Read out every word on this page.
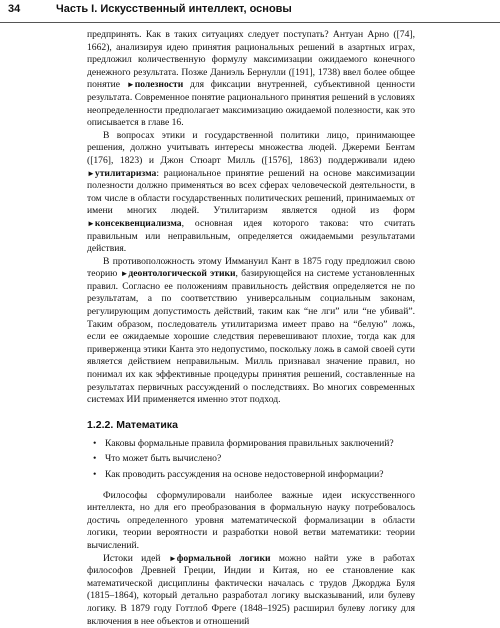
34	Часть I. Искусственный интеллект, основы

предпринять. Как в таких ситуациях следует поступать? Антуан Арно ([74], 1662), анализируя идею принятия рациональных решений в азартных играх, предложил количественную формулу максимизации ожидаемого конечного денежного результата. Позже Даниэль Бернулли ([191], 1738) ввел более общее понятие ►полезности для фиксации внутренней, субъективной ценности результата. Современное понятие рационального принятия решений в условиях неопределенности предполагает максимизацию ожидаемой полезности, как это описывается в главе 16.

В вопросах этики и государственной политики лицо, принимающее решения, должно учитывать интересы множества людей. Джереми Бентам ([176], 1823) и Джон Стюарт Милль ([1576], 1863) поддерживали идею ►утилитаризма: рациональное принятие решений на основе максимизации полезности должно применяться во всех сферах человеческой деятельности, в том числе в области государственных политических решений, принимаемых от имени многих людей. Утилитаризм является одной из форм ►консеквенциализма, основная идея которого такова: что считать правильным или неправильным, определяется ожидаемыми результатами действия.

В противоположность этому Иммануил Кант в 1875 году предложил свою теорию ►деонтологической этики, базирующейся на системе установленных правил. Согласно ее положениям правильность действия определяется не по результатам, а по соответствию универсальным социальным законам, регулирующим допустимость действий, таким как “не лги” или “не убивай”. Таким образом, последователь утилитаризма имеет право на “белую” ложь, если ее ожидаемые хорошие следствия перевешивают плохие, тогда как для приверженца этики Канта это недопустимо, поскольку ложь в самой своей сути является действием неправильным. Милль признавал значение правил, но понимал их как эффективные процедуры принятия решений, составленные на результатах первичных рассуждений о последствиях. Во многих современных системах ИИ применяется именно этот подход.

1.2.2. Математика
• Каковы формальные правила формирования правильных заключений?
• Что может быть вычислено?
• Как проводить рассуждения на основе недостоверной информации?

Философы сформулировали наиболее важные идеи искусственного интеллекта, но для его преобразования в формальную науку потребовалось достичь определенного уровня математической формализации в области логики, теории вероятности и разработки новой ветви математики: теории вычислений.

Истоки идей ►формальной логики можно найти уже в работах философов Древней Греции, Индии и Китая, но ее становление как математической дисциплины фактически началась с трудов Джорджа Буля (1815–1864), который детально разработал логику высказываний, или булеву логику. В 1879 году Готтлоб Фреге (1848–1925) расширил булеву логику для включения в нее объектов и отношений
